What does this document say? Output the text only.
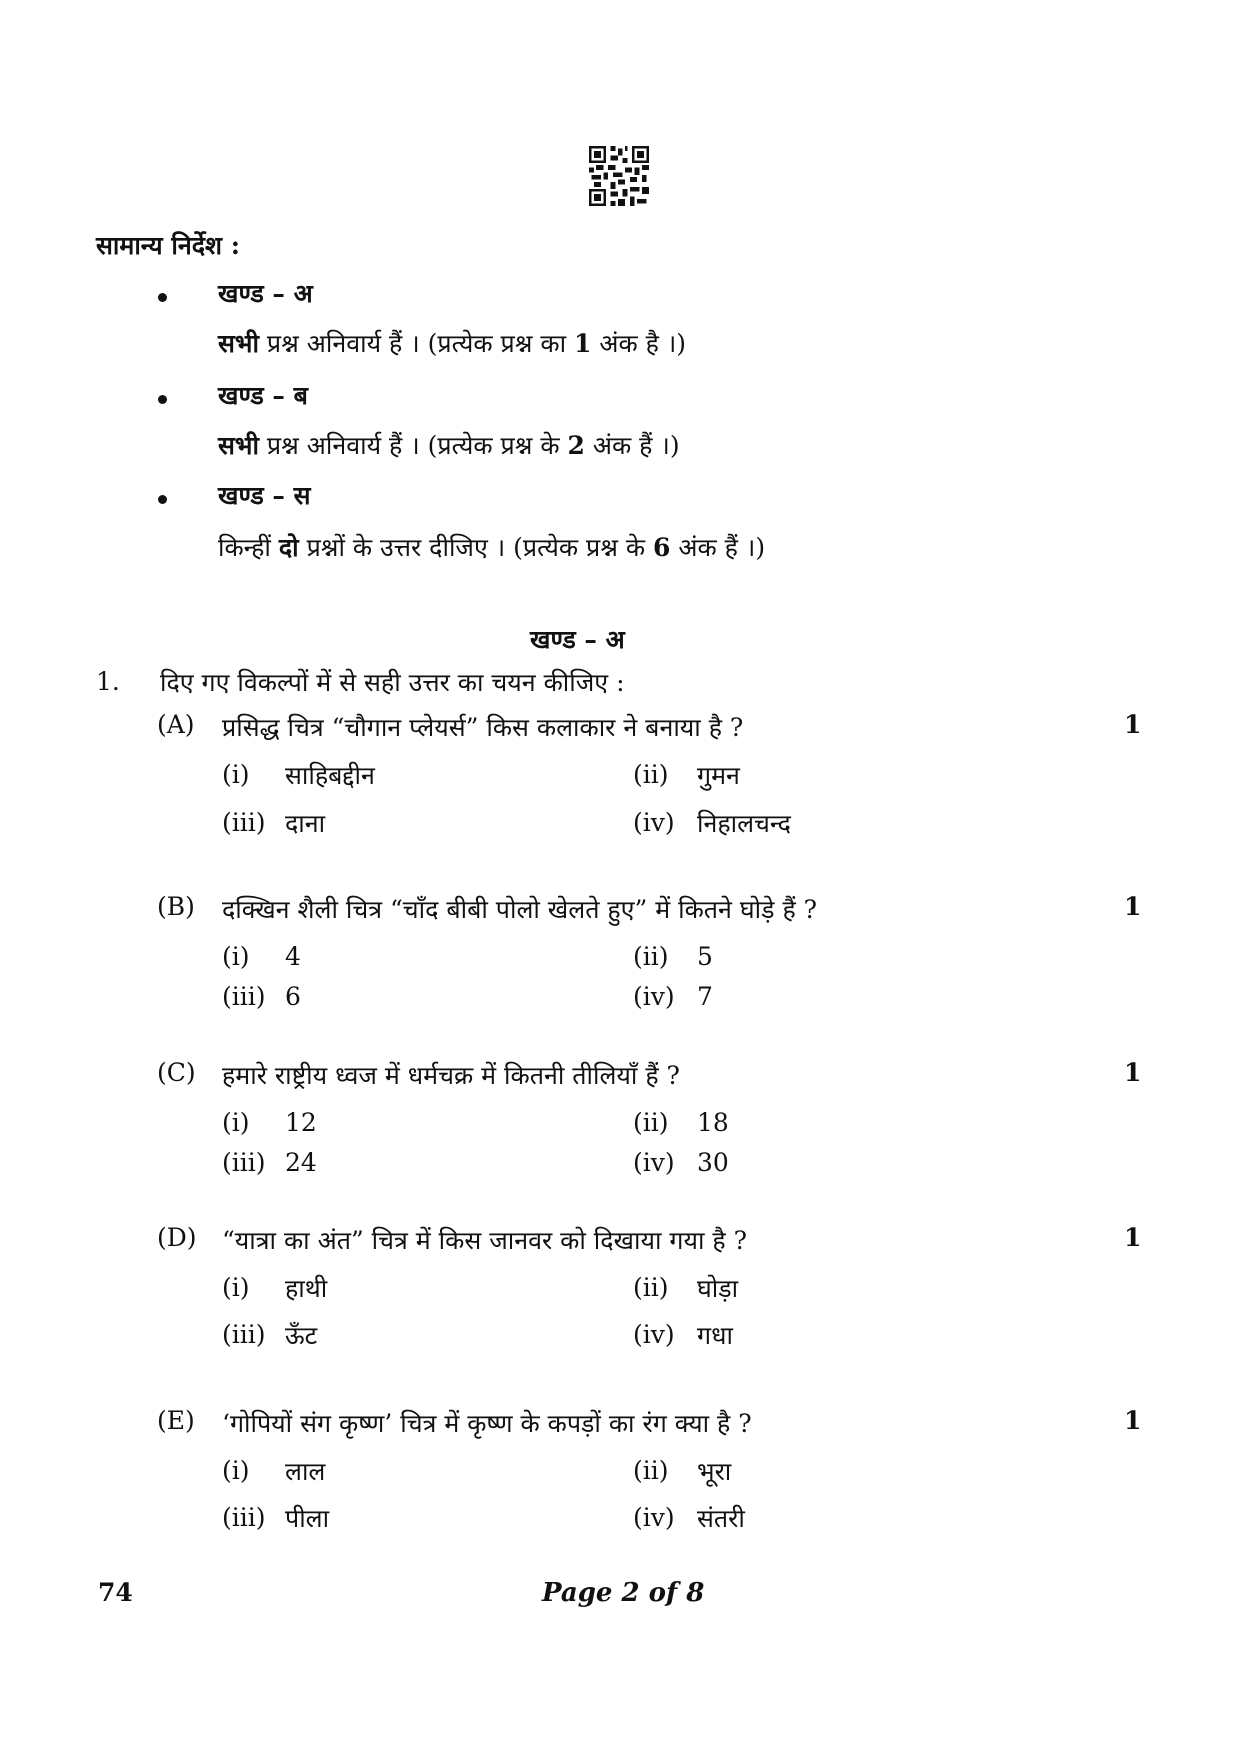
सामान्य निर्देश :
खण्ड – अ
सभी प्रश्न अनिवार्य हैं । (प्रत्येक प्रश्न का 1 अंक है ।)
खण्ड – ब
सभी प्रश्न अनिवार्य हैं । (प्रत्येक प्रश्न के 2 अंक हैं ।)
खण्ड – स
किन्हीं दो प्रश्नों के उत्तर दीजिए । (प्रत्येक प्रश्न के 6 अंक हैं ।)
खण्ड – अ
1. दिए गए विकल्पों में से सही उत्तर का चयन कीजिए :
(A) प्रसिद्ध चित्र “चौगान प्लेयर्स” किस कलाकार ने बनाया है ?	1
(i) साहिबद्दीन	(ii) गुमन
(iii) दाना	(iv) निहालचन्द
(B) दक्खिन शैली चित्र “चाँद बीबी पोलो खेलते हुए” में कितने घोड़े हैं ?	1
(i) 4	(ii) 5
(iii) 6	(iv) 7
(C) हमारे राष्ट्रीय ध्वज में धर्मचक्र में कितनी तीलियाँ हैं ?	1
(i) 12	(ii) 18
(iii) 24	(iv) 30
(D) “यात्रा का अंत” चित्र में किस जानवर को दिखाया गया है ?	1
(i) हाथी	(ii) घोड़ा
(iii) ऊँट	(iv) गधा
(E) ‘गोपियों संग कृष्ण’ चित्र में कृष्ण के कपड़ों का रंग क्या है ?	1
(i) लाल	(ii) भूरा
(iii) पीला	(iv) संतरी
74	Page 2 of 8
